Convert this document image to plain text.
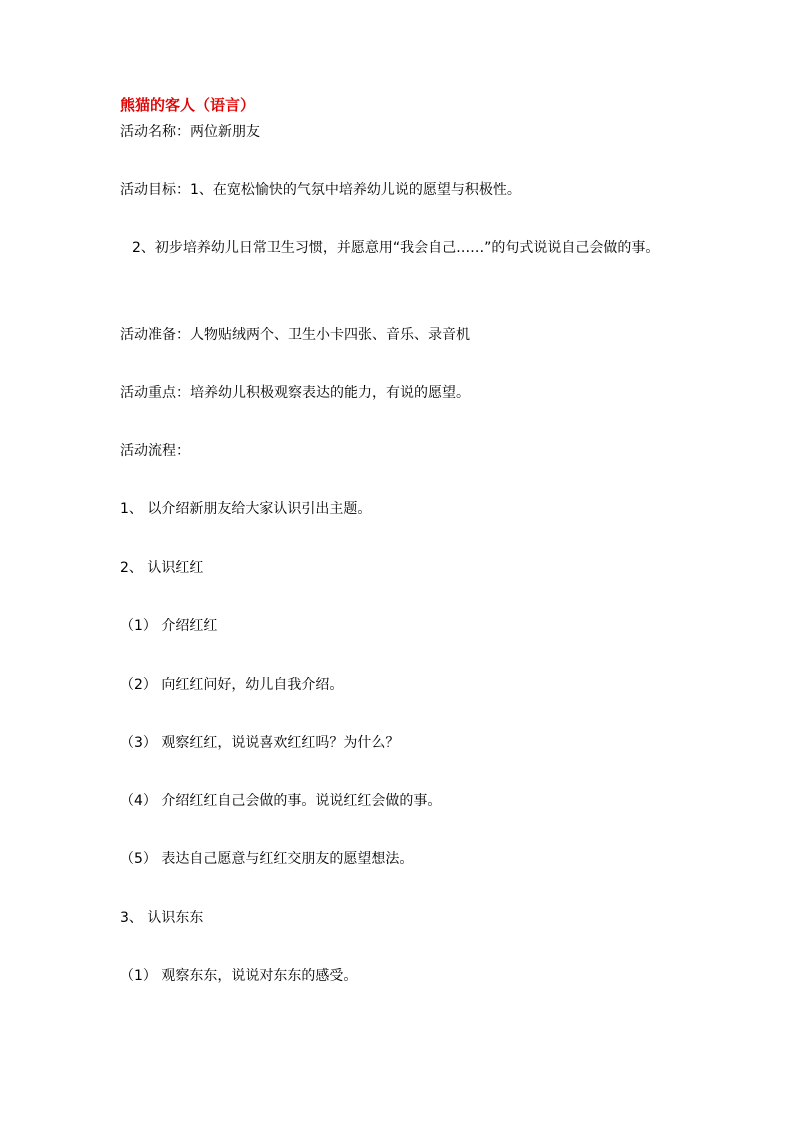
熊猫的客人（语言）
活动名称：两位新朋友
活动目标：1、在宽松愉快的气氛中培养幼儿说的愿望与积极性。
2、初步培养幼儿日常卫生习惯，并愿意用“我会自己……”的句式说说自己会做的事。
活动准备：人物贴绒两个、卫生小卡四张、音乐、录音机
活动重点：培养幼儿积极观察表达的能力，有说的愿望。
活动流程：
1、 以介绍新朋友给大家认识引出主题。
2、 认识红红
（1） 介绍红红
（2） 向红红问好，幼儿自我介绍。
（3） 观察红红，说说喜欢红红吗？为什么？
（4） 介绍红红自己会做的事。说说红红会做的事。
（5） 表达自己愿意与红红交朋友的愿望想法。
3、 认识东东
（1） 观察东东，说说对东东的感受。
